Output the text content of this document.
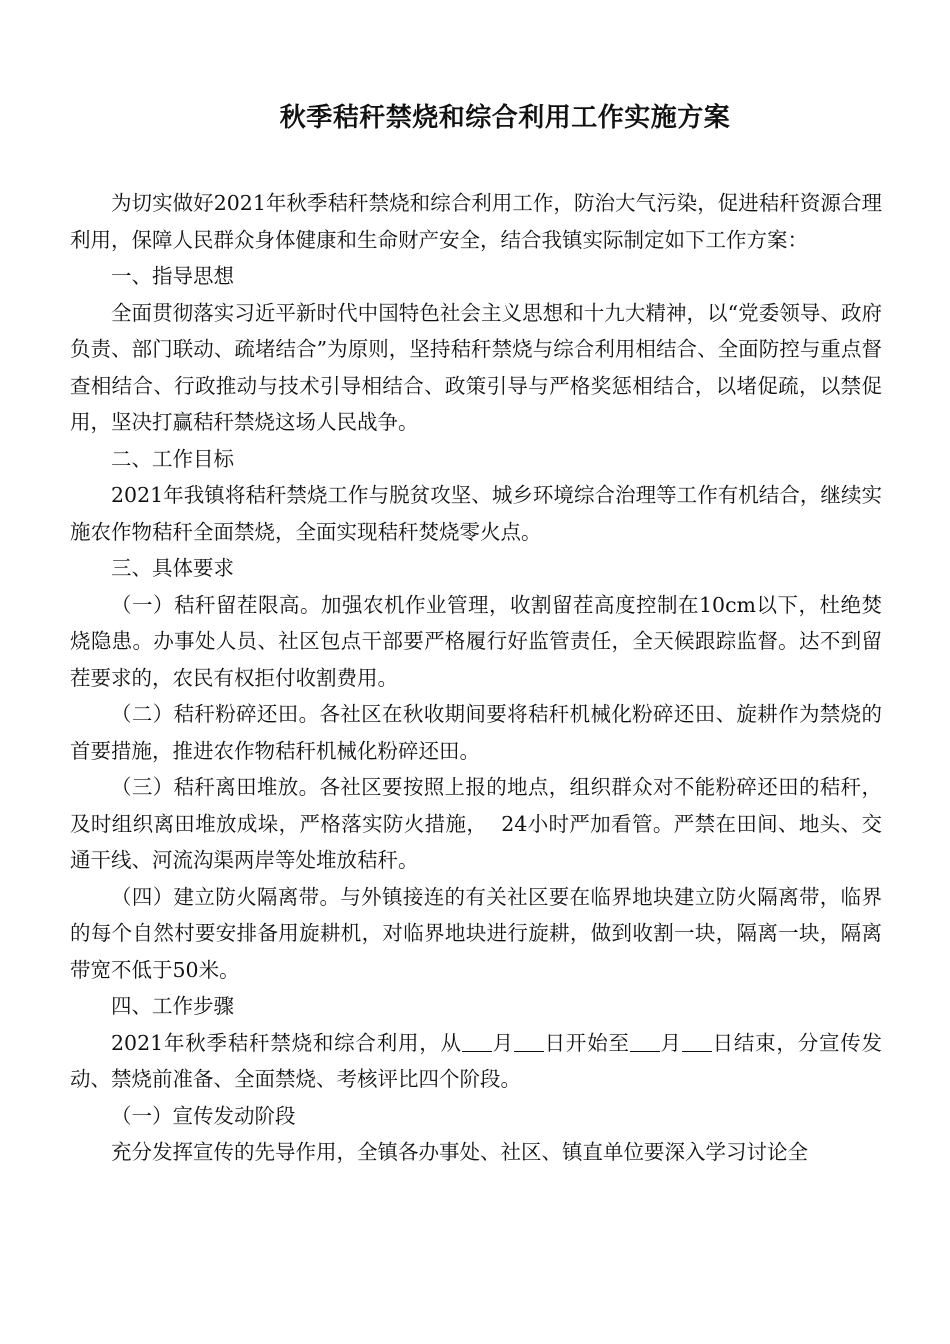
秋季秸秆禁烧和综合利用工作实施方案

为切实做好2021年秋季秸秆禁烧和综合利用工作，防治大气污染，促进秸秆资源合理利用，保障人民群众身体健康和生命财产安全，结合我镇实际制定如下工作方案：

一、指导思想

全面贯彻落实习近平新时代中国特色社会主义思想和十九大精神，以“党委领导、政府负责、部门联动、疏堵结合”为原则，坚持秸秆禁烧与综合利用相结合、全面防控与重点督查相结合、行政推动与技术引导相结合、政策引导与严格奖惩相结合，以堵促疏，以禁促用，坚决打赢秸秆禁烧这场人民战争。

二、工作目标

2021年我镇将秸秆禁烧工作与脱贫攻坚、城乡环境综合治理等工作有机结合，继续实施农作物秸秆全面禁烧，全面实现秸秆焚烧零火点。

三、具体要求

（一）秸秆留茬限高。加强农机作业管理，收割留茬高度控制在10cm以下，杜绝焚烧隐患。办事处人员、社区包点干部要严格履行好监管责任，全天候跟踪监督。达不到留茬要求的，农民有权拒付收割费用。

（二）秸秆粉碎还田。各社区在秋收期间要将秸秆机械化粉碎还田、旋耕作为禁烧的首要措施，推进农作物秸秆机械化粉碎还田。

（三）秸秆离田堆放。各社区要按照上报的地点，组织群众对不能粉碎还田的秸秆，及时组织离田堆放成垛，严格落实防火措施， 24小时严加看管。严禁在田间、地头、交通干线、河流沟渠两岸等处堆放秸秆。

（四）建立防火隔离带。与外镇接连的有关社区要在临界地块建立防火隔离带，临界的每个自然村要安排备用旋耕机，对临界地块进行旋耕，做到收割一块，隔离一块，隔离带宽不低于50米。

四、工作步骤

2021年秋季秸秆禁烧和综合利用，从 月 日开始至 月 日结束，分宣传发动、禁烧前准备、全面禁烧、考核评比四个阶段。

（一）宣传发动阶段

充分发挥宣传的先导作用，全镇各办事处、社区、镇直单位要深入学习讨论全
